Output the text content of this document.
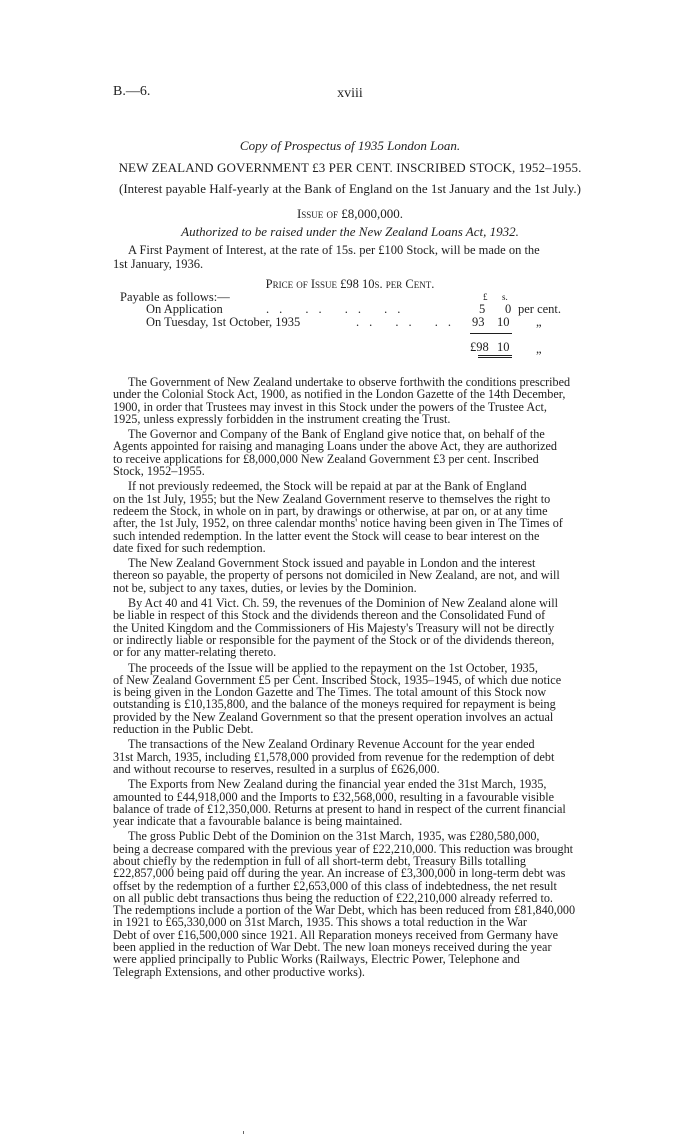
B.—6.	xviii
Copy of Prospectus of 1935 London Loan.
NEW ZEALAND GOVERNMENT £3 PER CENT. INSCRIBED STOCK, 1952–1955.
(Interest payable Half-yearly at the Bank of England on the 1st January and the 1st July.)
Issue of £8,000,000.
Authorized to be raised under the New Zealand Loans Act, 1932.
A First Payment of Interest, at the rate of 15s. per £100 Stock, will be made on the
1st January, 1936.
Price of Issue £98 10s. per Cent.
Payable as follows:—	£ s.
On Application	.. .. .. ..	5 0 per cent.
On Tuesday, 1st October, 1935	.. .. .. 93 10 „
£98 10 „
The Government of New Zealand undertake to observe forthwith the conditions prescribed
under the Colonial Stock Act, 1900, as notified in the London Gazette of the 14th December,
1900, in order that Trustees may invest in this Stock under the powers of the Trustee Act,
1925, unless expressly forbidden in the instrument creating the Trust.
The Governor and Company of the Bank of England give notice that, on behalf of the
Agents appointed for raising and managing Loans under the above Act, they are authorized
to receive applications for £8,000,000 New Zealand Government £3 per cent. Inscribed
Stock, 1952–1955.
If not previously redeemed, the Stock will be repaid at par at the Bank of England
on the 1st July, 1955; but the New Zealand Government reserve to themselves the right to
redeem the Stock, in whole on in part, by drawings or otherwise, at par on, or at any time
after, the 1st July, 1952, on three calendar months' notice having been given in The Times of
such intended redemption. In the latter event the Stock will cease to bear interest on the
date fixed for such redemption.
The New Zealand Government Stock issued and payable in London and the interest
thereon so payable, the property of persons not domiciled in New Zealand, are not, and will
not be, subject to any taxes, duties, or levies by the Dominion.
By Act 40 and 41 Vict. Ch. 59, the revenues of the Dominion of New Zealand alone will
be liable in respect of this Stock and the dividends thereon and the Consolidated Fund of
the United Kingdom and the Commissioners of His Majesty's Treasury will not be directly
or indirectly liable or responsible for the payment of the Stock or of the dividends thereon,
or for any matter-relating thereto.
The proceeds of the Issue will be applied to the repayment on the 1st October, 1935,
of New Zealand Government £5 per Cent. Inscribed Stock, 1935–1945, of which due notice
is being given in the London Gazette and The Times. The total amount of this Stock now
outstanding is £10,135,800, and the balance of the moneys required for repayment is being
provided by the New Zealand Government so that the present operation involves an actual
reduction in the Public Debt.
The transactions of the New Zealand Ordinary Revenue Account for the year ended
31st March, 1935, including £1,578,000 provided from revenue for the redemption of debt
and without recourse to reserves, resulted in a surplus of £626,000.
The Exports from New Zealand during the financial year ended the 31st March, 1935,
amounted to £44,918,000 and the Imports to £32,568,000, resulting in a favourable visible
balance of trade of £12,350,000. Returns at present to hand in respect of the current financial
year indicate that a favourable balance is being maintained.
The gross Public Debt of the Dominion on the 31st March, 1935, was £280,580,000,
being a decrease compared with the previous year of £22,210,000. This reduction was brought
about chiefly by the redemption in full of all short-term debt, Treasury Bills totalling
£22,857,000 being paid off during the year. An increase of £3,300,000 in long-term debt was
offset by the redemption of a further £2,653,000 of this class of indebtedness, the net result
on all public debt transactions thus being the reduction of £22,210,000 already referred to.
The redemptions include a portion of the War Debt, which has been reduced from £81,840,000
in 1921 to £65,330,000 on 31st March, 1935. This shows a total reduction in the War
Debt of over £16,500,000 since 1921. All Reparation moneys received from Germany have
been applied in the reduction of War Debt. The new loan moneys received during the year
were applied principally to Public Works (Railways, Electric Power, Telephone and
Telegraph Extensions, and other productive works).
